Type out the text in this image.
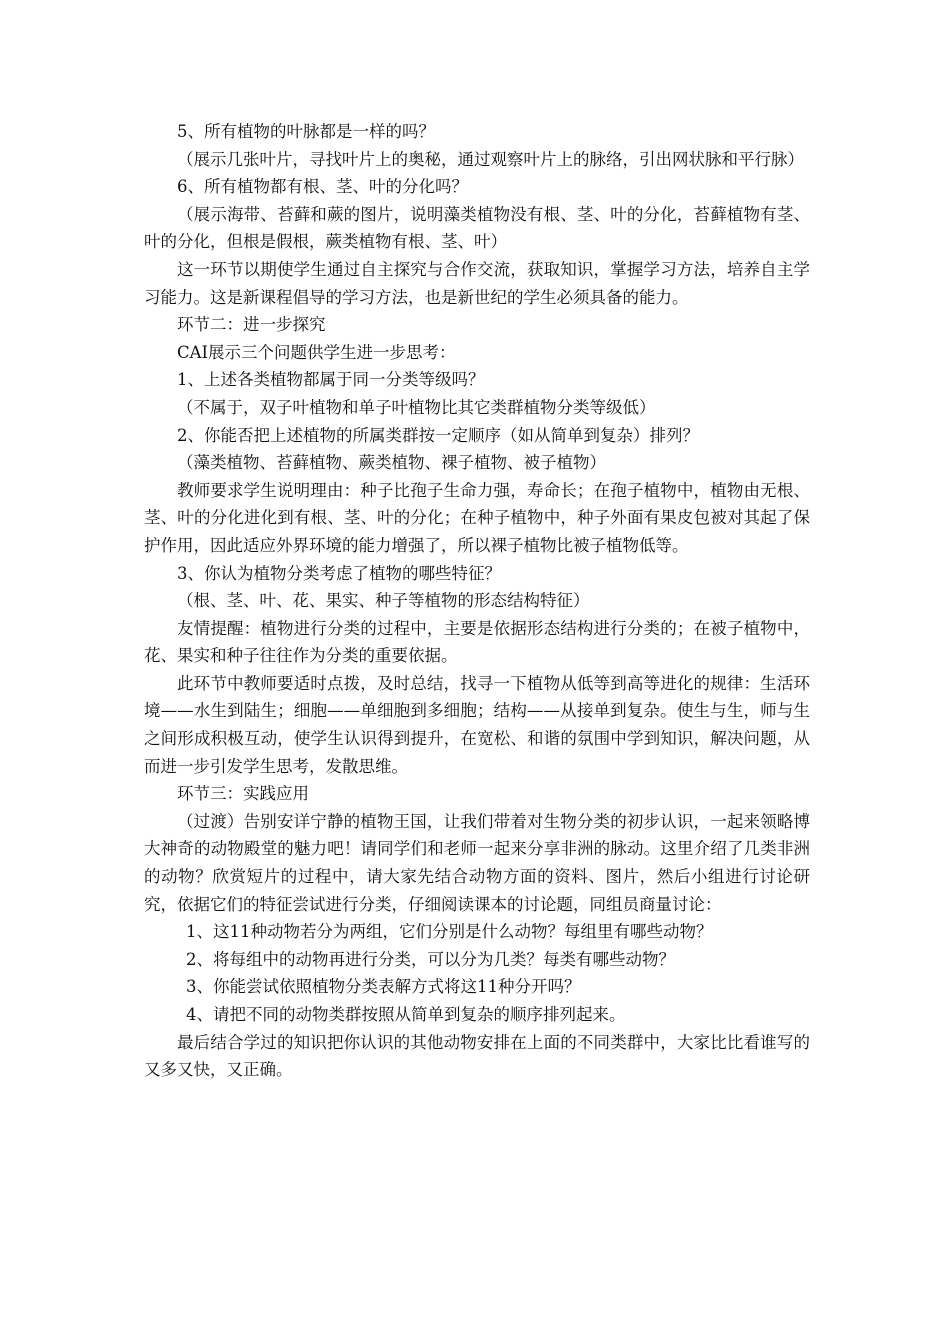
5、所有植物的叶脉都是一样的吗？

（展示几张叶片，寻找叶片上的奥秘，通过观察叶片上的脉络，引出网状脉和平行脉）

6、所有植物都有根、茎、叶的分化吗？

（展示海带、苔藓和蕨的图片，说明藻类植物没有根、茎、叶的分化，苔藓植物有茎、叶的分化，但根是假根，蕨类植物有根、茎、叶）

这一环节以期使学生通过自主探究与合作交流，获取知识，掌握学习方法，培养自主学习能力。这是新课程倡导的学习方法，也是新世纪的学生必须具备的能力。

环节二：进一步探究

CAI展示三个问题供学生进一步思考：

1、上述各类植物都属于同一分类等级吗？

（不属于，双子叶植物和单子叶植物比其它类群植物分类等级低）

2、你能否把上述植物的所属类群按一定顺序（如从简单到复杂）排列？

（藻类植物、苔藓植物、蕨类植物、裸子植物、被子植物）

教师要求学生说明理由：种子比孢子生命力强，寿命长；在孢子植物中，植物由无根、茎、叶的分化进化到有根、茎、叶的分化；在种子植物中，种子外面有果皮包被对其起了保护作用，因此适应外界环境的能力增强了，所以裸子植物比被子植物低等。

3、你认为植物分类考虑了植物的哪些特征？

（根、茎、叶、花、果实、种子等植物的形态结构特征）

友情提醒：植物进行分类的过程中，主要是依据形态结构进行分类的；在被子植物中，花、果实和种子往往作为分类的重要依据。

此环节中教师要适时点拨，及时总结，找寻一下植物从低等到高等进化的规律：生活环境——水生到陆生；细胞——单细胞到多细胞；结构——从接单到复杂。使生与生，师与生之间形成积极互动，使学生认识得到提升，在宽松、和谐的氛围中学到知识，解决问题，从而进一步引发学生思考，发散思维。

环节三：实践应用

（过渡）告别安详宁静的植物王国，让我们带着对生物分类的初步认识，一起来领略博大神奇的动物殿堂的魅力吧！请同学们和老师一起来分享非洲的脉动。这里介绍了几类非洲的动物？欣赏短片的过程中，请大家先结合动物方面的资料、图片，然后小组进行讨论研究，依据它们的特征尝试进行分类，仔细阅读课本的讨论题，同组员商量讨论：

1、这11种动物若分为两组，它们分别是什么动物？每组里有哪些动物？

2、将每组中的动物再进行分类，可以分为几类？每类有哪些动物？

3、你能尝试依照植物分类表解方式将这11种分开吗？

4、请把不同的动物类群按照从简单到复杂的顺序排列起来。

最后结合学过的知识把你认识的其他动物安排在上面的不同类群中，大家比比看谁写的又多又快，又正确。
